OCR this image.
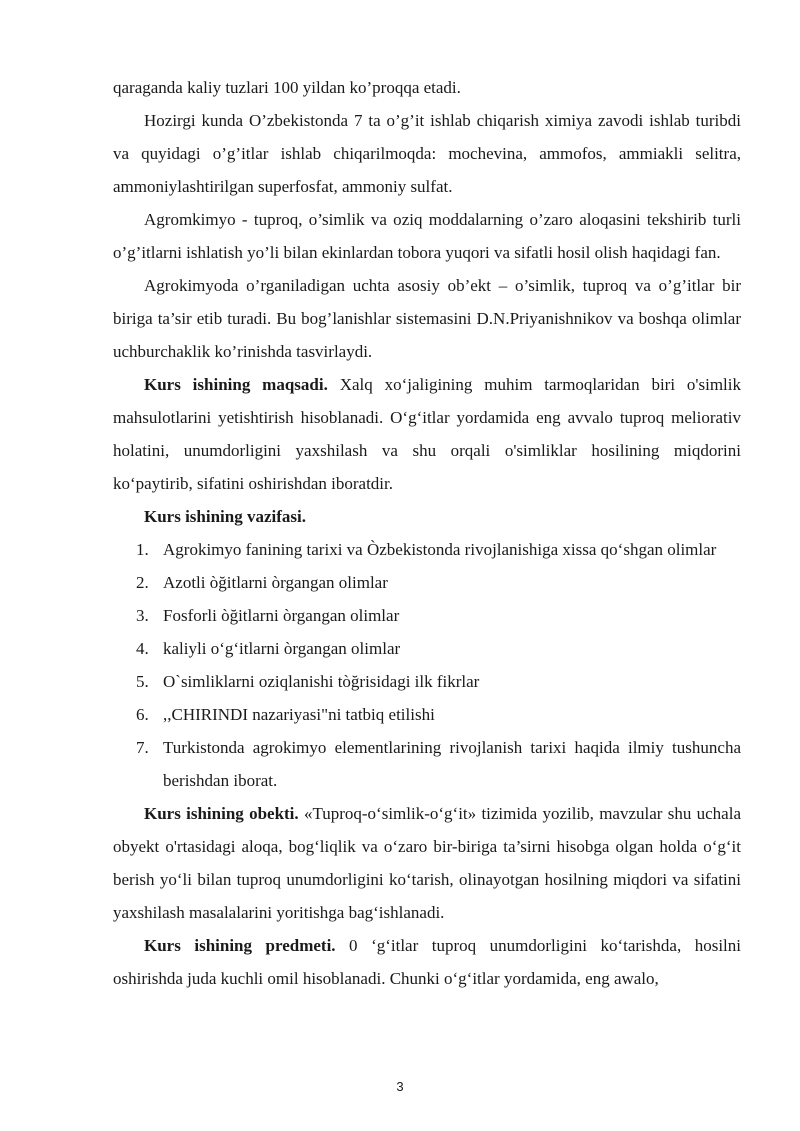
qaraganda kaliy tuzlari 100 yildan ko’proqqa etadi.

Hozirgi kunda O’zbekistonda 7 ta o’g’it ishlab chiqarish ximiya zavodi ishlab turibdi va quyidagi o’g’itlar ishlab chiqarilmoqda: mochevina, ammofos, ammiakli selitra, ammoniylashtirilgan superfosfat, ammoniy sulfat.

Agromkimyo - tuproq, o’simlik va oziq moddalarning o’zaro aloqasini tekshirib turli o’g’itlarni ishlatish yo’li bilan ekinlardan tobora yuqori va sifatli hosil olish haqidagi fan.

Agrokimyoda o’rganiladigan uchta asosiy ob’ekt – o’simlik, tuproq va o’g’itlar bir biriga ta’sir etib turadi. Bu bog’lanishlar sistemasini D.N.Priyanishnikov va boshqa olimlar uchburchaklik ko’rinishda tasvirlaydi.

Kurs ishining maqsadi. Xalq xo‘jaligining muhim tarmoqlaridan biri o'simlik mahsulotlarini yetishtirish hisoblanadi. O‘g‘itlar yordamida eng avvalo tuproq meliorativ holatini, unumdorligini yaxshilash va shu orqali o'simliklar hosilining miqdorini ko‘paytirib, sifatini oshirishdan iboratdir.

Kurs ishining vazifasi.

1. Agrokimyo fanining tarixi va Òzbekistonda rivojlanishiga xissa qo‘shgan olimlar
2. Azotli òğitlarni òrgangan olimlar
3. Fosforli òğitlarni òrgangan olimlar
4. kaliyli o‘g‘itlarni òrgangan olimlar
5. O`simliklarni oziqlanishi tòğrisidagi ilk fikrlar
6. ,,CHIRINDI nazariyasi"ni tatbiq etilishi
7. Turkistonda agrokimyo elementlarining rivojlanish tarixi haqida ilmiy tushuncha berishdan iborat.

Kurs ishining obekti. «Tuproq-o‘simlik-o‘g‘it» tizimida yozilib, mavzular shu uchala obyekt o'rtasidagi aloqa, bog‘liqlik va o‘zaro bir-biriga ta’sirni hisobga olgan holda o‘g‘it berish yo‘li bilan tuproq unumdorligini ko‘tarish, olinayotgan hosilning miqdori va sifatini yaxshilash masalalarini yoritishga bag‘ishlanadi.

Kurs ishining predmeti. 0 ‘g‘itlar tuproq unumdorligini ko‘tarishda, hosilni oshirishda juda kuchli omil hisoblanadi. Chunki o‘g‘itlar yordamida, eng awalo,

3
